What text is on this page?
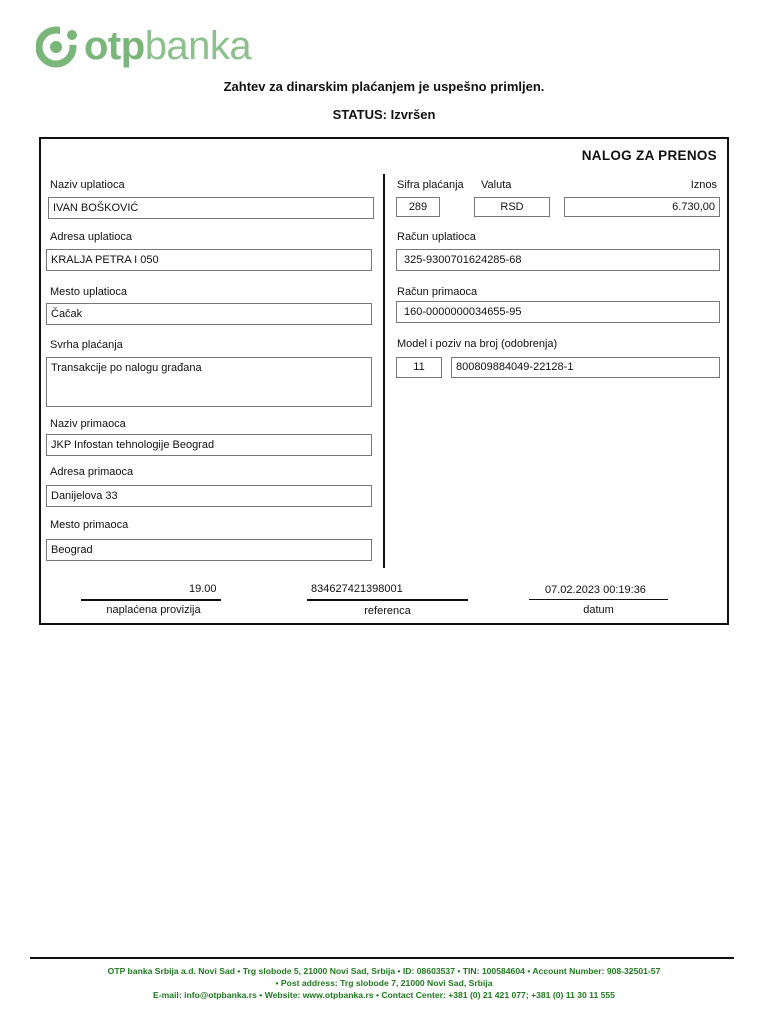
otpbanka
Zahtev za dinarskim plaćanjem je uspešno primljen.
STATUS: Izvršen
NALOG ZA PRENOS
Naziv uplatioca
IVAN BOŠKOVIĆ
Adresa uplatioca
KRALJA PETRA I 050
Mesto uplatioca
Čačak
Svrha plaćanja
Transakcije po nalogu građana
Naziv primaoca
JKP Infostan tehnologije Beograd
Adresa primaoca
Danijelova 33
Mesto primaoca
Beograd
Sifra plaćanja Valuta	Iznos
289	RSD	6.730,00
Račun uplatioca
325-9300701624285-68
Račun primaoca
160-0000000034655-95
Model i poziv na broj (odobrenja)
11	800809884049-22128-1
19.00
naplaćena provizija
834627421398001
referenca
07.02.2023 00:19:36
datum
OTP banka Srbija a.d. Novi Sad • Trg slobode 5, 21000 Novi Sad, Srbija • ID: 08603537 • TIN: 100584604 • Account Number: 908-32501-57
• Post address: Trg slobode 7, 21000 Novi Sad, Srbija
E-mail: info@otpbanka.rs • Website: www.otpbanka.rs • Contact Center: +381 (0) 21 421 077; +381 (0) 11 30 11 555
